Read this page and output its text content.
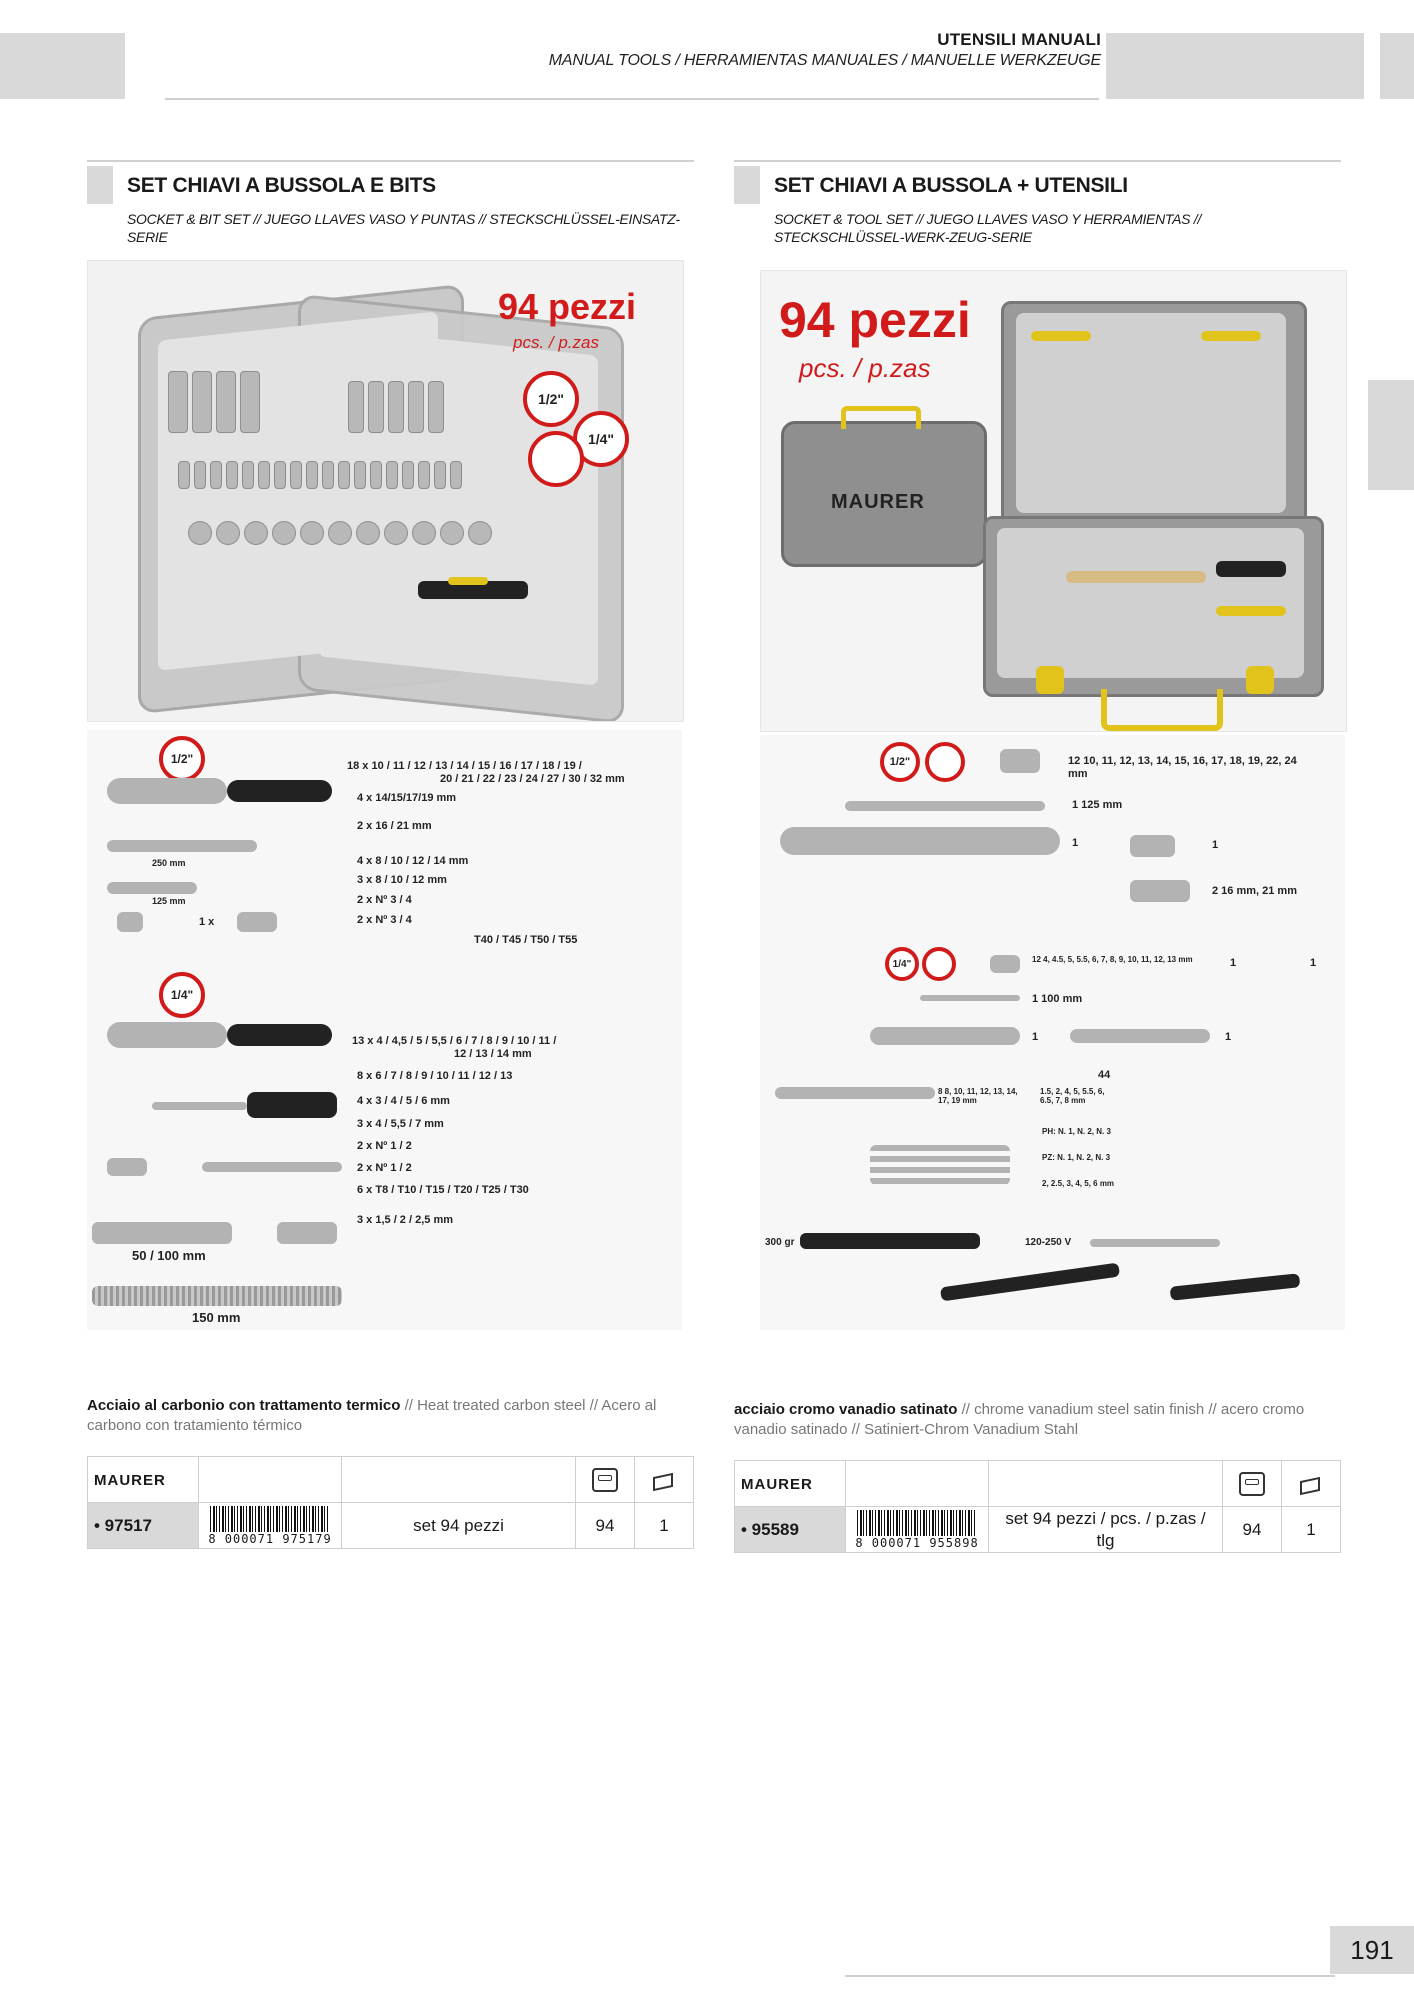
UTENSILI MANUALI
MANUAL TOOLS / HERRAMIENTAS MANUALES / MANUELLE WERKZEUGE
SET CHIAVI A BUSSOLA E BITS
SOCKET & BIT SET // JUEGO LLAVES VASO Y PUNTAS // STECKSCHLÜSSEL-EINSATZ-SERIE
94 pezzi
pcs. / p.zas
1/2"
1/4"
1/2"	18 x 10 / 11 / 12 / 13 / 14 / 15 / 16 / 17 / 18 / 19 /
20 / 21 / 22 / 23 / 24 / 27 / 30 / 32 mm
4 x 14/15/17/19 mm
2 x 16 / 21 mm
4 x 8 / 10 / 12 / 14 mm
3 x 8 / 10 / 12 mm
2 x Nº 3 / 4
2 x Nº 3 / 4
T40 / T45 / T50 / T55
250 mm
125 mm
1 x
1/4"
13 x 4 / 4,5 / 5 / 5,5 / 6 / 7 / 8 / 9 / 10 / 11 /
12 / 13 / 14 mm
8 x 6 / 7 / 8 / 9 / 10 / 11 / 12 / 13
4 x 3 / 4 / 5 / 6 mm
3 x 4 / 5,5 / 7 mm
2 x Nº 1 / 2
2 x Nº 1 / 2
6 x T8 / T10 / T15 / T20 / T25 / T30
3 x 1,5 / 2 / 2,5 mm
50 / 100 mm
150 mm
Acciaio al carbonio con trattamento termico // Heat treated carbon steel // Acero al carbono con tratamiento térmico
MAURER			

• 97517	8 000071 975179	set 94 pezzi	94	1
SET CHIAVI A BUSSOLA + UTENSILI
SOCKET & TOOL SET // JUEGO LLAVES VASO Y HERRAMIENTAS // STECKSCHLÜSSEL-WERK-ZEUG-SERIE
94 pezzi
pcs. / p.zas
MAURER
1/2"
1/4"
12 10, 11, 12, 13, 14, 15, 16, 17, 18, 19, 22, 24 mm
1 125 mm
1	1
2 16 mm, 21 mm
12 4, 4.5, 5, 5.5, 6, 7, 8, 9, 10, 11, 12, 13 mm	1	1
1 100 mm
1	1
44
8 8, 10, 11, 12, 13, 14, 17, 19 mm
1.5, 2, 4, 5, 5.5, 6, 6.5, 7, 8 mm
PH: N. 1, N. 2, N. 3
PZ: N. 1, N. 2, N. 3
2, 2.5, 3, 4, 5, 6 mm
300 gr	120-250 V
acciaio cromo vanadio satinato // chrome vanadium steel satin finish // acero cromo vanadio satinado // Satiniert-Chrom Vanadium Stahl
MAURER			

• 95589	8 000071 955898	set 94 pezzi / pcs. / p.zas / tlg	94	1
191
